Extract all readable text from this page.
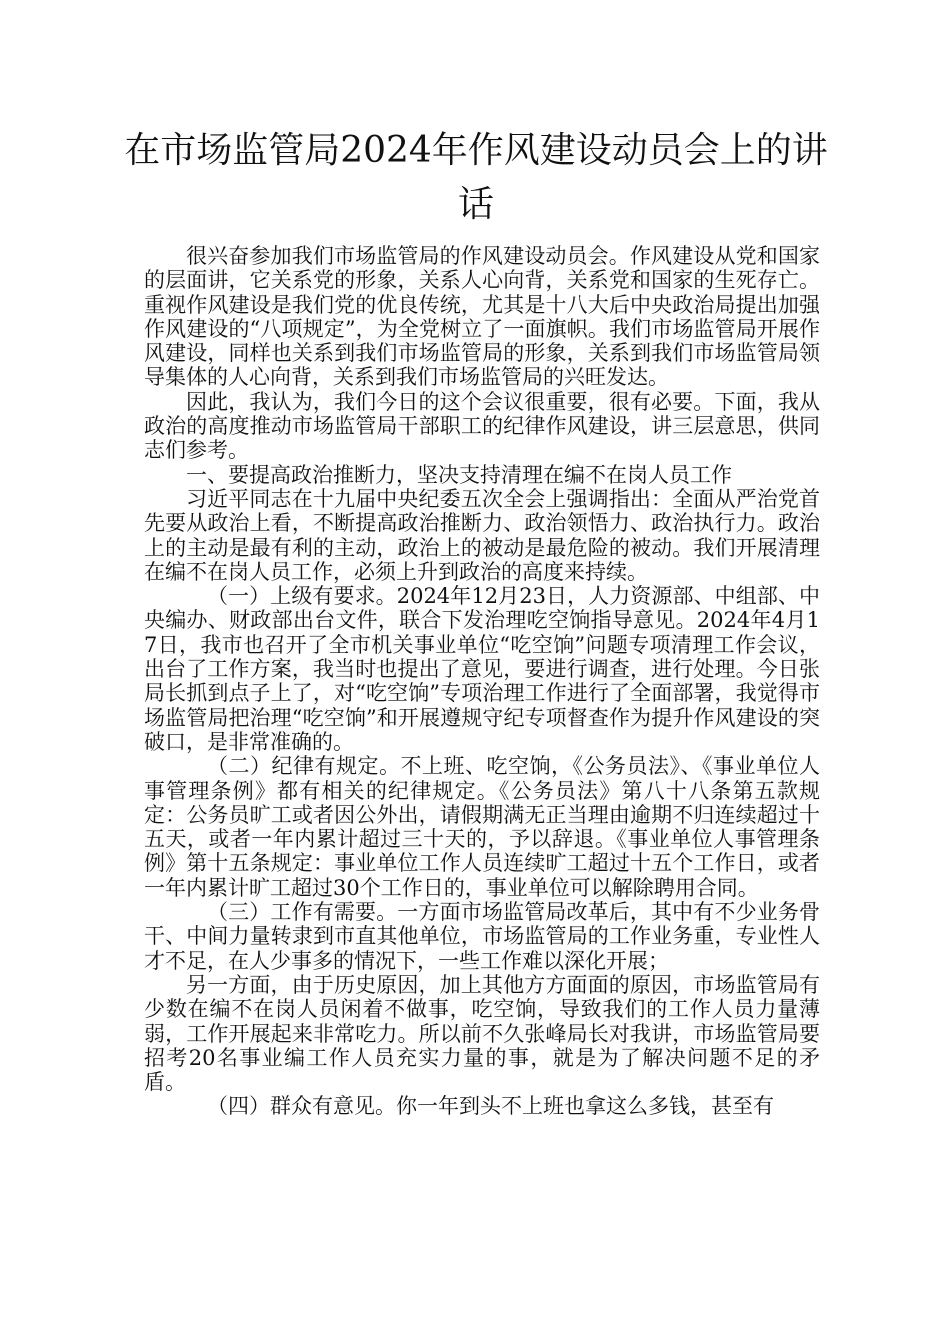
在市场监管局2024年作风建设动员会上的讲话

很兴奋参加我们市场监管局的作风建设动员会。作风建设从党和国家的层面讲，它关系党的形象，关系人心向背，关系党和国家的生死存亡。重视作风建设是我们党的优良传统，尤其是十八大后中央政治局提出加强作风建设的“八项规定”，为全党树立了一面旗帜。我们市场监管局开展作风建设，同样也关系到我们市场监管局的形象，关系到我们市场监管局领导集体的人心向背，关系到我们市场监管局的兴旺发达。

因此，我认为，我们今日的这个会议很重要，很有必要。下面，我从政治的高度推动市场监管局干部职工的纪律作风建设，讲三层意思，供同志们参考。

一、要提高政治推断力，坚决支持清理在编不在岗人员工作

习近平同志在十九届中央纪委五次全会上强调指出：全面从严治党首先要从政治上看，不断提高政治推断力、政治领悟力、政治执行力。政治上的主动是最有利的主动，政治上的被动是最危险的被动。我们开展清理在编不在岗人员工作，必须上升到政治的高度来持续。

（一）上级有要求。2024年12月23日，人力资源部、中组部、中央编办、财政部出台文件，联合下发治理吃空饷指导意见。2024年4月17日，我市也召开了全市机关事业单位“吃空饷”问题专项清理工作会议，出台了工作方案，我当时也提出了意见，要进行调查，进行处理。今日张局长抓到点子上了，对“吃空饷”专项治理工作进行了全面部署，我觉得市场监管局把治理“吃空饷”和开展遵规守纪专项督查作为提升作风建设的突破口，是非常准确的。

（二）纪律有规定。不上班、吃空饷，《公务员法》、《事业单位人事管理条例》都有相关的纪律规定。《公务员法》第八十八条第五款规定：公务员旷工或者因公外出，请假期满无正当理由逾期不归连续超过十五天，或者一年内累计超过三十天的，予以辞退。《事业单位人事管理条例》第十五条规定：事业单位工作人员连续旷工超过十五个工作日，或者一年内累计旷工超过30个工作日的，事业单位可以解除聘用合同。

（三）工作有需要。一方面市场监管局改革后，其中有不少业务骨干、中间力量转隶到市直其他单位，市场监管局的工作业务重，专业性人才不足，在人少事多的情况下，一些工作难以深化开展；

另一方面，由于历史原因，加上其他方方面面的原因，市场监管局有少数在编不在岗人员闲着不做事，吃空饷，导致我们的工作人员力量薄弱，工作开展起来非常吃力。所以前不久张峰局长对我讲，市场监管局要招考20名事业编工作人员充实力量的事，就是为了解决问题不足的矛盾。

（四）群众有意见。你一年到头不上班也拿这么多钱，甚至有
